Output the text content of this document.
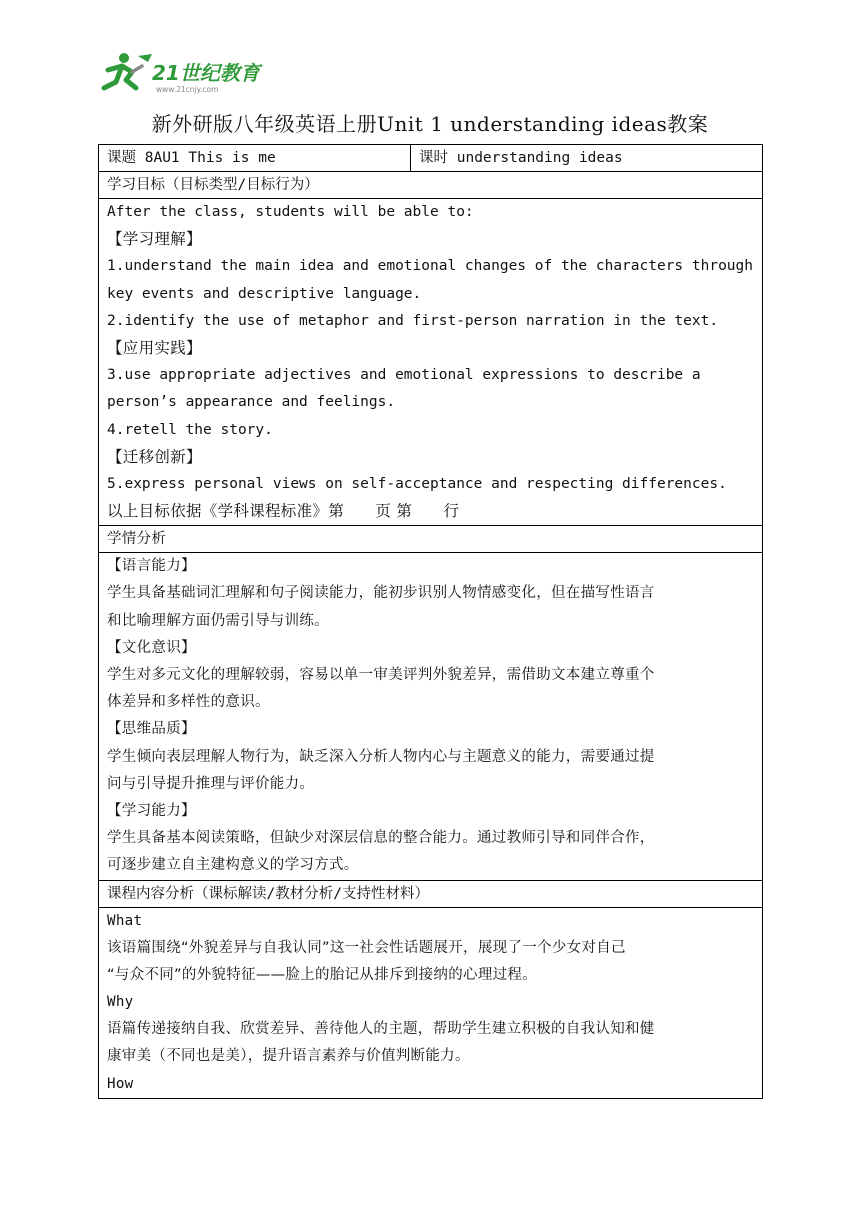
21世纪教育
www.21cnjy.com
新外研版八年级英语上册Unit 1 understanding ideas教案
课题 8AU1 This is me	课时 understanding ideas
学习目标（目标类型/目标行为）

After the class, students will be able to:
【学习理解】
1.understand the main idea and emotional changes of the characters through
key events and descriptive language.
2.identify the use of metaphor and first-person narration in the text.
【应用实践】
3.use appropriate adjectives and emotional expressions to describe a
person’s appearance and feelings.
4.retell the story.
【迁移创新】
5.express personal views on self-acceptance and respecting differences.
以上目标依据《学科课程标准》第      页 第      行

学情分析

【语言能力】
学生具备基础词汇理解和句子阅读能力，能初步识别人物情感变化，但在描写性语言
和比喻理解方面仍需引导与训练。
【文化意识】
学生对多元文化的理解较弱，容易以单一审美评判外貌差异，需借助文本建立尊重个
体差异和多样性的意识。
【思维品质】
学生倾向表层理解人物行为，缺乏深入分析人物内心与主题意义的能力，需要通过提
问与引导提升推理与评价能力。
【学习能力】
学生具备基本阅读策略，但缺少对深层信息的整合能力。通过教师引导和同伴合作，
可逐步建立自主建构意义的学习方式。

课程内容分析（课标解读/教材分析/支持性材料）

What
该语篇围绕“外貌差异与自我认同”这一社会性话题展开，展现了一个少女对自己
“与众不同”的外貌特征——脸上的胎记从排斥到接纳的心理过程。
Why
语篇传递接纳自我、欣赏差异、善待他人的主题，帮助学生建立积极的自我认知和健
康审美（不同也是美），提升语言素养与价值判断能力。
How
